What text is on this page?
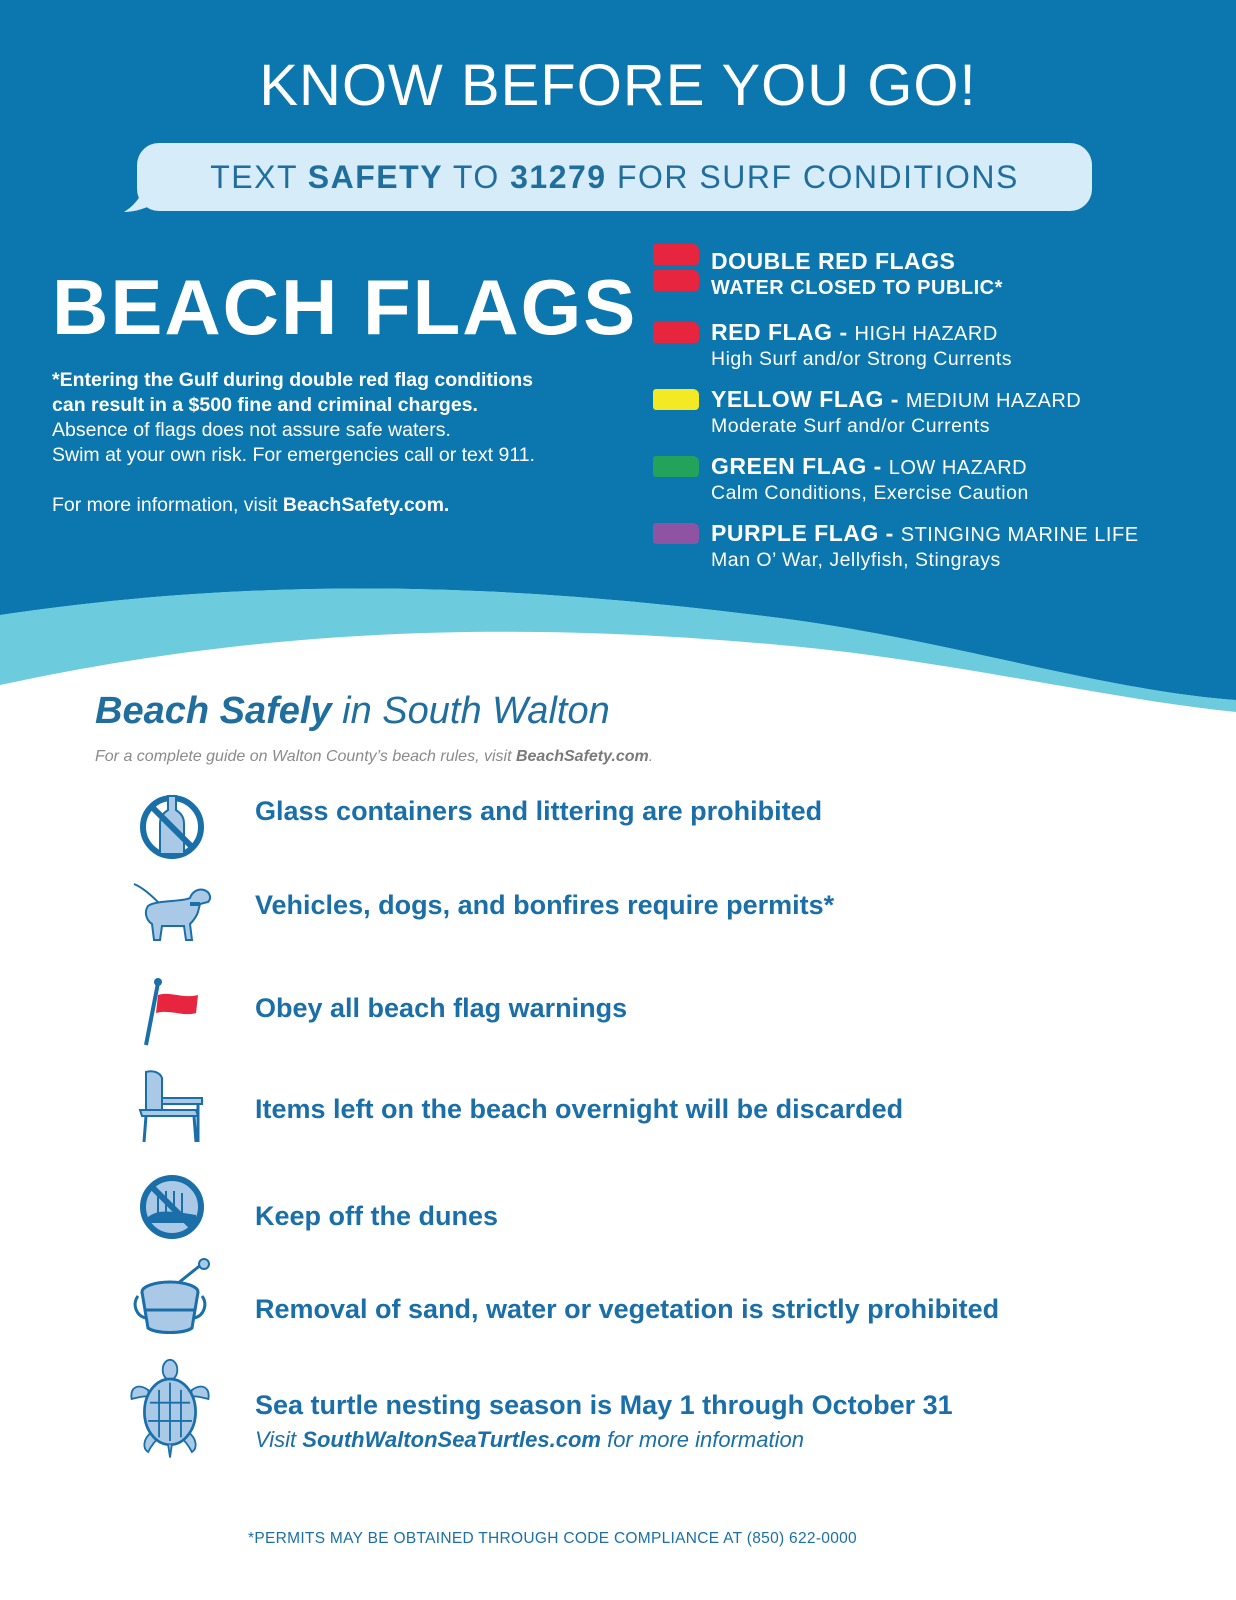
KNOW BEFORE YOU GO!
TEXT SAFETY TO 31279 FOR SURF CONDITIONS
BEACH FLAGS
*Entering the Gulf during double red flag conditions
can result in a $500 fine and criminal charges.
Absence of flags does not assure safe waters.
Swim at your own risk. For emergencies call or text 911.
For more information, visit BeachSafety.com.
DOUBLE RED FLAGS
WATER CLOSED TO PUBLIC*
RED FLAG - HIGH HAZARD
High Surf and/or Strong Currents
YELLOW FLAG - MEDIUM HAZARD
Moderate Surf and/or Currents
GREEN FLAG - LOW HAZARD
Calm Conditions, Exercise Caution
PURPLE FLAG - STINGING MARINE LIFE
Man O’ War, Jellyfish, Stingrays
Beach Safely in South Walton
For a complete guide on Walton County’s beach rules, visit BeachSafety.com.
Glass containers and littering are prohibited
Vehicles, dogs, and bonfires require permits*
Obey all beach flag warnings
Items left on the beach overnight will be discarded
Keep off the dunes
Removal of sand, water or vegetation is strictly prohibited
Sea turtle nesting season is May 1 through October 31
Visit SouthWaltonSeaTurtles.com for more information
*PERMITS MAY BE OBTAINED THROUGH CODE COMPLIANCE AT (850) 622-0000
